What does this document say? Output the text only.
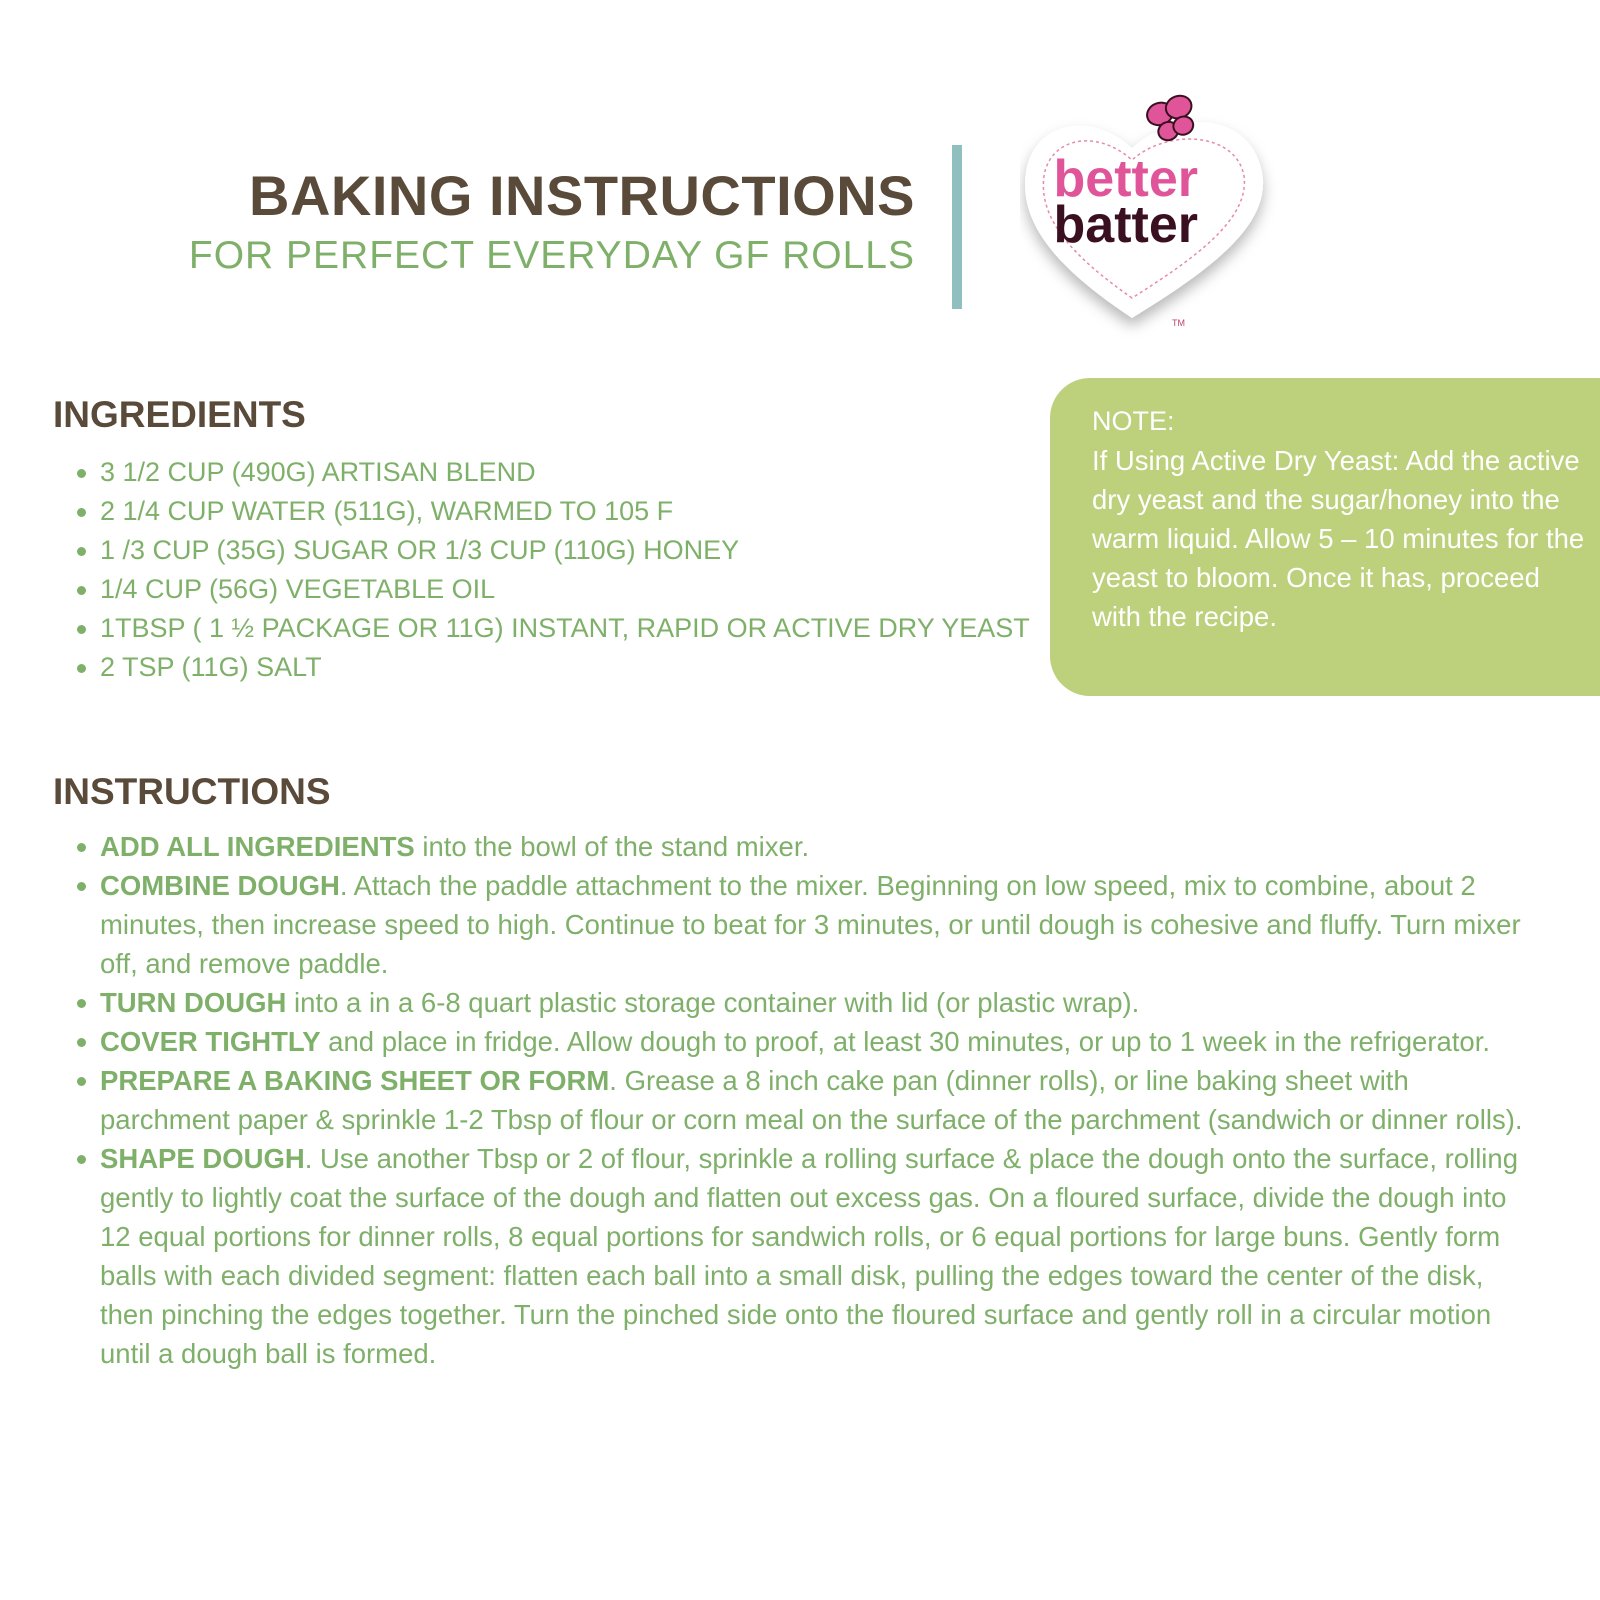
BAKING INSTRUCTIONS
FOR PERFECT EVERYDAY GF ROLLS
better
batter
TM
INGREDIENTS
3 1/2 CUP (490G) ARTISAN BLEND
2 1/4 CUP WATER (511G), WARMED TO 105 F
1 /3 CUP (35G) SUGAR OR 1/3 CUP (110G) HONEY
1/4 CUP (56G) VEGETABLE OIL
1TBSP ( 1 ½ PACKAGE OR 11G) INSTANT, RAPID OR ACTIVE DRY YEAST
2 TSP (11G) SALT
NOTE:
If Using Active Dry Yeast: Add the active dry yeast and the sugar/honey into the warm liquid. Allow 5 – 10 minutes for the yeast to bloom. Once it has, proceed with the recipe.
INSTRUCTIONS
ADD ALL INGREDIENTS into the bowl of the stand mixer.
COMBINE DOUGH. Attach the paddle attachment to the mixer. Beginning on low speed, mix to combine, about 2 minutes, then increase speed to high. Continue to beat for 3 minutes, or until dough is cohesive and fluffy. Turn mixer off, and remove paddle.
TURN DOUGH into a in a 6-8 quart plastic storage container with lid (or plastic wrap).
COVER TIGHTLY and place in fridge. Allow dough to proof, at least 30 minutes, or up to 1 week in the refrigerator.
PREPARE A BAKING SHEET OR FORM. Grease a 8 inch cake pan (dinner rolls), or line baking sheet with parchment paper & sprinkle 1-2 Tbsp of flour or corn meal on the surface of the parchment (sandwich or dinner rolls).
SHAPE DOUGH. Use another Tbsp or 2 of flour, sprinkle a rolling surface & place the dough onto the surface, rolling gently to lightly coat the surface of the dough and flatten out excess gas. On a floured surface, divide the dough into 12 equal portions for dinner rolls, 8 equal portions for sandwich rolls, or 6 equal portions for large buns. Gently form balls with each divided segment: flatten each ball into a small disk, pulling the edges toward the center of the disk, then pinching the edges together. Turn the pinched side onto the floured surface and gently roll in a circular motion until a dough ball is formed.
